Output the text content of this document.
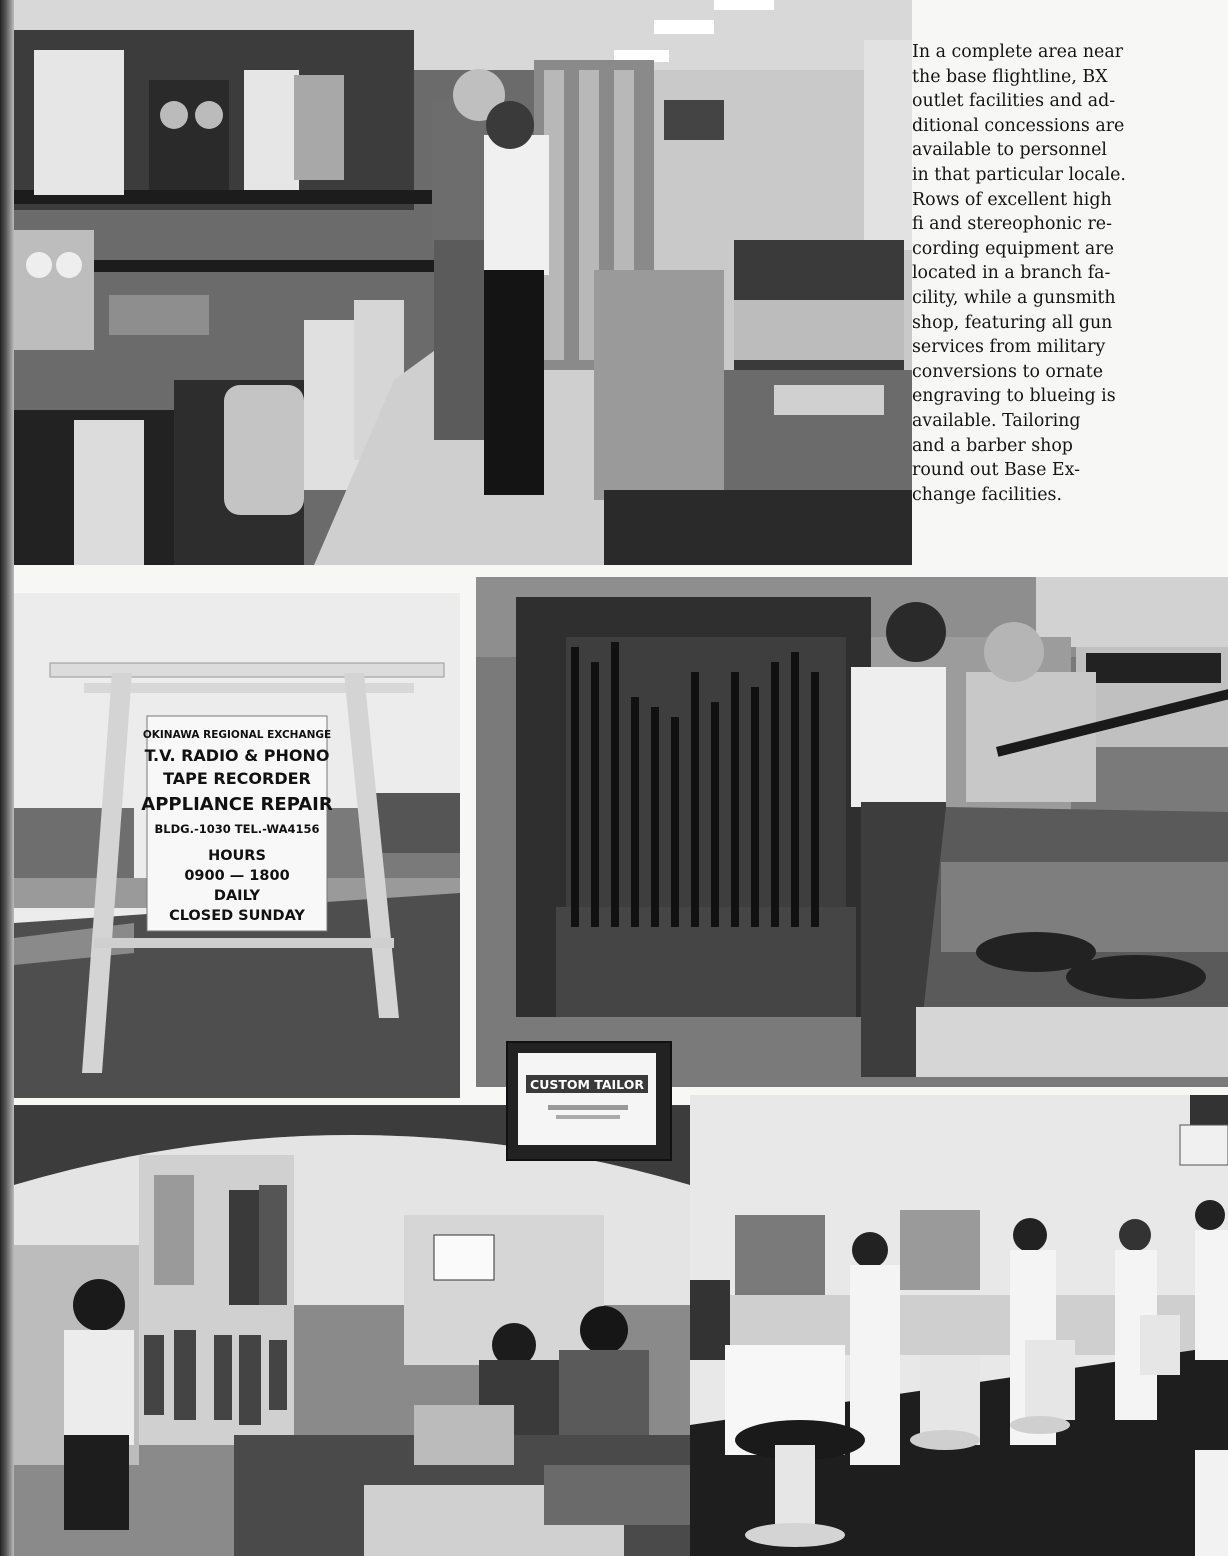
In a complete area near
the base flightline, BX
outlet facilities and ad-
ditional concessions are
available to personnel
in that particular locale.
Rows of excellent high
fi and stereophonic re-
cording equipment are
located in a branch fa-
cility, while a gunsmith
shop, featuring all gun
services from military
conversions to ornate
engraving to blueing is
available. Tailoring
and a barber shop
round out Base Ex-
change facilities.

OKINAWA REGIONAL EXCHANGE
T.V. RADIO & PHONO
TAPE RECORDER
APPLIANCE REPAIR
BLDG.-1030 TEL.-WA4156
HOURS
0900 — 1800
DAILY
CLOSED SUNDAY
CUSTOM TAILOR
